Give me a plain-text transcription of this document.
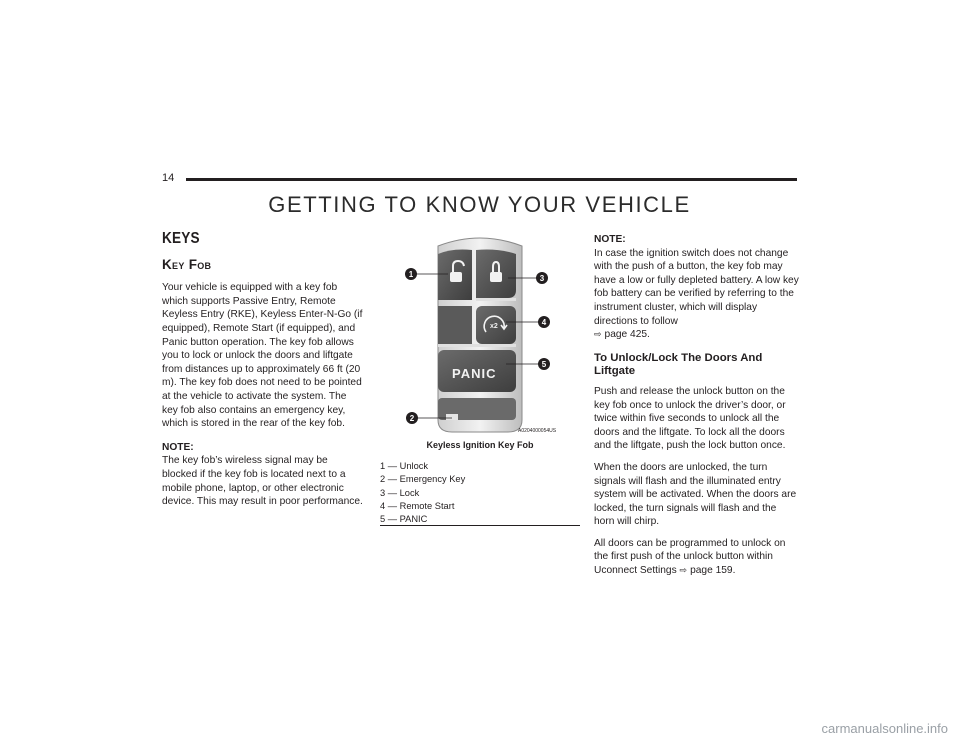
14
GETTING TO KNOW YOUR VEHICLE
KEYS
Key Fob

Your vehicle is equipped with a key fob which supports Passive Entry, Remote Keyless Entry (RKE), Keyless Enter-N-Go (if equipped), Remote Start (if equipped), and Panic button operation. The key fob allows you to lock or unlock the doors and liftgate from distances up to approximately 66 ft (20 m). The key fob does not need to be pointed at the vehicle to activate the system. The key fob also contains an emergency key, which is stored in the rear of the key fob.

NOTE:
The key fob’s wireless signal may be blocked if the key fob is located next to a mobile phone, laptop, or other electronic device. This may result in poor performance.
x2
PANIC
1	3
4
5
2
A0204000054US
Keyless Ignition Key Fob
1 — Unlock
2 — Emergency Key
3 — Lock
4 — Remote Start
5 — PANIC
NOTE:
In case the ignition switch does not change with the push of a button, the key fob may have a low or fully depleted battery. A low key fob battery can be verified by referring to the instrument cluster, which will display directions to follow
⇨ page 425.
To Unlock/Lock The Doors And Liftgate

Push and release the unlock button on the key fob once to unlock the driver’s door, or twice within five seconds to unlock all the doors and the liftgate. To lock all the doors and the liftgate, push the lock button once.

When the doors are unlocked, the turn signals will flash and the illuminated entry system will be activated. When the doors are locked, the turn signals will flash and the horn will chirp.

All doors can be programmed to unlock on the first push of the unlock button within Uconnect Settings ⇨ page 159.

carmanualsonline.info
